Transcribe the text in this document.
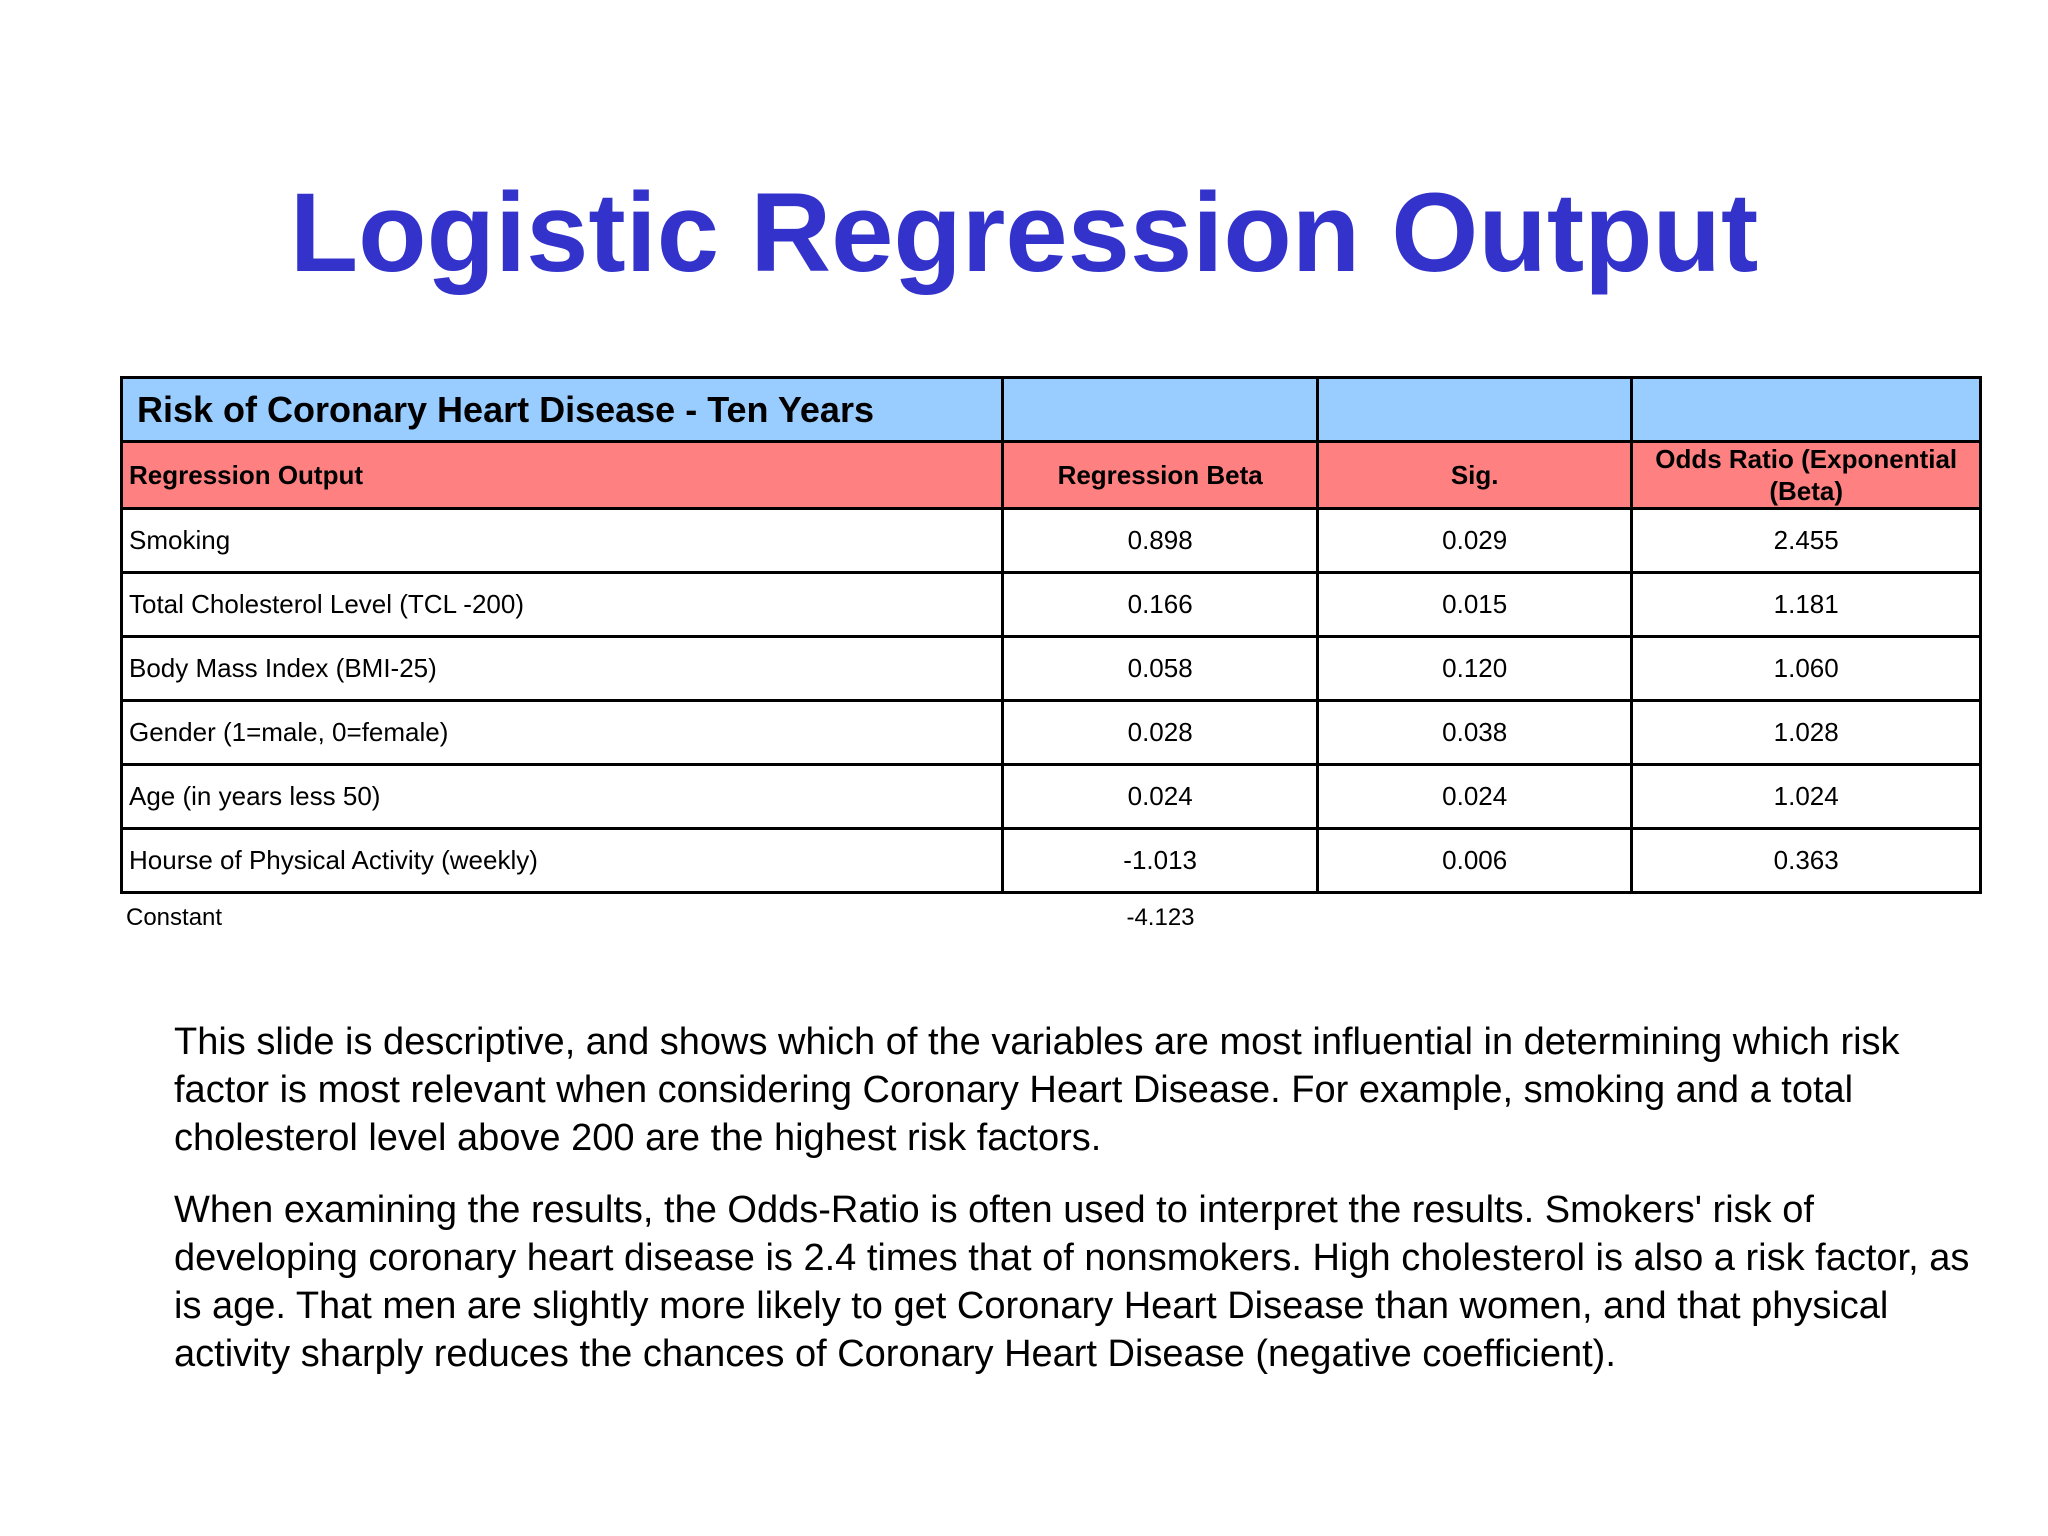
Logistic Regression Output
Risk of Coronary Heart Disease - Ten Years			
Regression Output	Regression Beta	Sig.	Odds Ratio (Exponential (Beta)
Smoking	0.898	0.029	2.455
Total Cholesterol Level (TCL -200)	0.166	0.015	1.181
Body Mass Index (BMI-25)	0.058	0.120	1.060
Gender (1=male, 0=female)	0.028	0.038	1.028
Age (in years less 50)	0.024	0.024	1.024
Hourse of Physical Activity (weekly)	-1.013	0.006	0.363
Constant	-4.123

This slide is descriptive, and shows which of the variables are most influential in determining which risk factor is most relevant when considering Coronary Heart Disease. For example, smoking and a total cholesterol level above 200 are the highest risk factors.

When examining the results, the Odds-Ratio is often used to interpret the results. Smokers' risk of developing coronary heart disease is 2.4 times that of nonsmokers. High cholesterol is also a risk factor, as is age. That men are slightly more likely to get Coronary Heart Disease than women, and that physical activity sharply reduces the chances of Coronary Heart Disease (negative coefficient).
